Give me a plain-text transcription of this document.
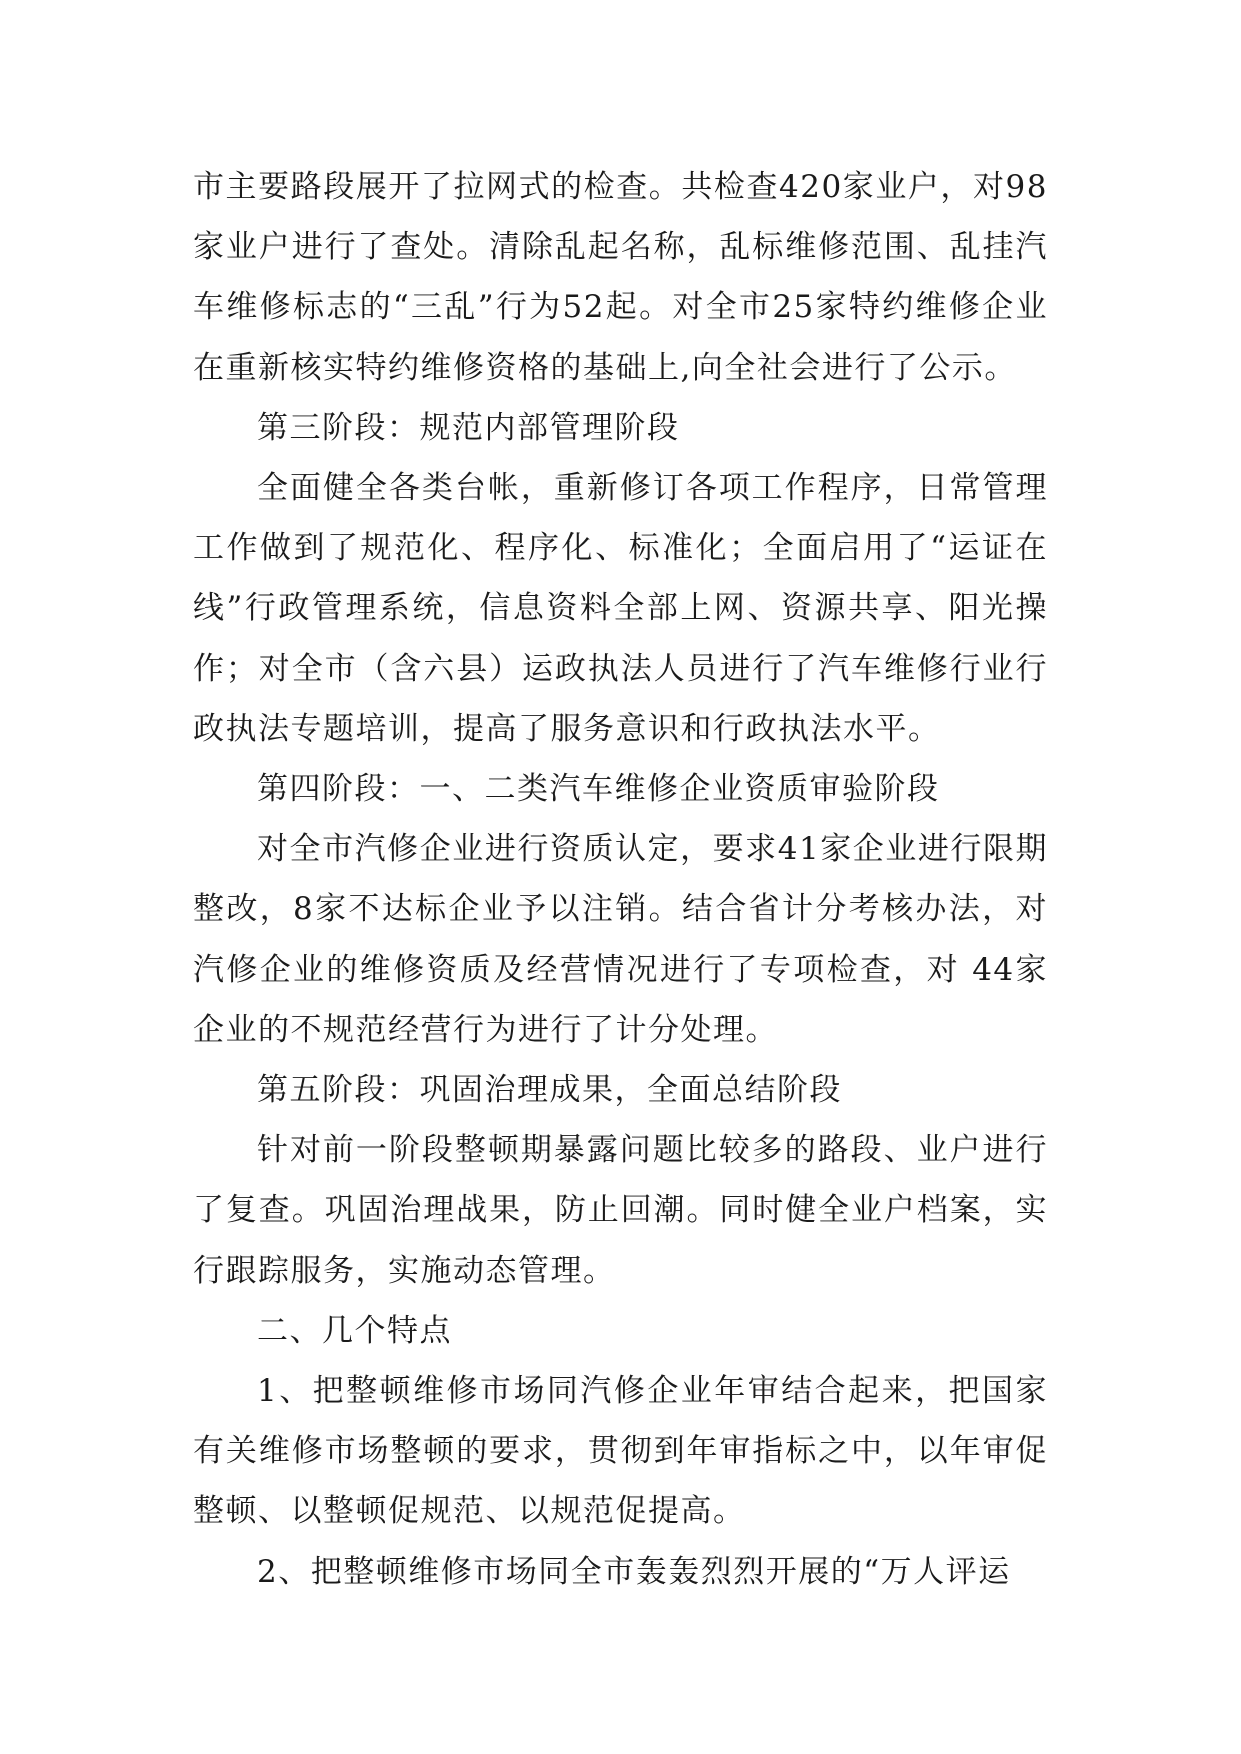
市主要路段展开了拉网式的检查。共检查420家业户，对98家业户进行了查处。清除乱起名称，乱标维修范围、乱挂汽车维修标志的“三乱”行为52起。对全市25家特约维修企业在重新核实特约维修资格的基础上,向全社会进行了公示。

第三阶段：规范内部管理阶段

全面健全各类台帐，重新修订各项工作程序，日常管理工作做到了规范化、程序化、标准化；全面启用了“运证在线”行政管理系统，信息资料全部上网、资源共享、阳光操作；对全市（含六县）运政执法人员进行了汽车维修行业行政执法专题培训，提高了服务意识和行政执法水平。

第四阶段：一、二类汽车维修企业资质审验阶段

对全市汽修企业进行资质认定，要求41家企业进行限期整改，8家不达标企业予以注销。结合省计分考核办法，对汽修企业的维修资质及经营情况进行了专项检查，对 44家企业的不规范经营行为进行了计分处理。

第五阶段：巩固治理成果，全面总结阶段

针对前一阶段整顿期暴露问题比较多的路段、业户进行了复查。巩固治理战果，防止回潮。同时健全业户档案，实行跟踪服务，实施动态管理。

二、几个特点

1、把整顿维修市场同汽修企业年审结合起来，把国家有关维修市场整顿的要求，贯彻到年审指标之中，以年审促整顿、以整顿促规范、以规范促提高。

2、把整顿维修市场同全市轰轰烈烈开展的“万人评运
